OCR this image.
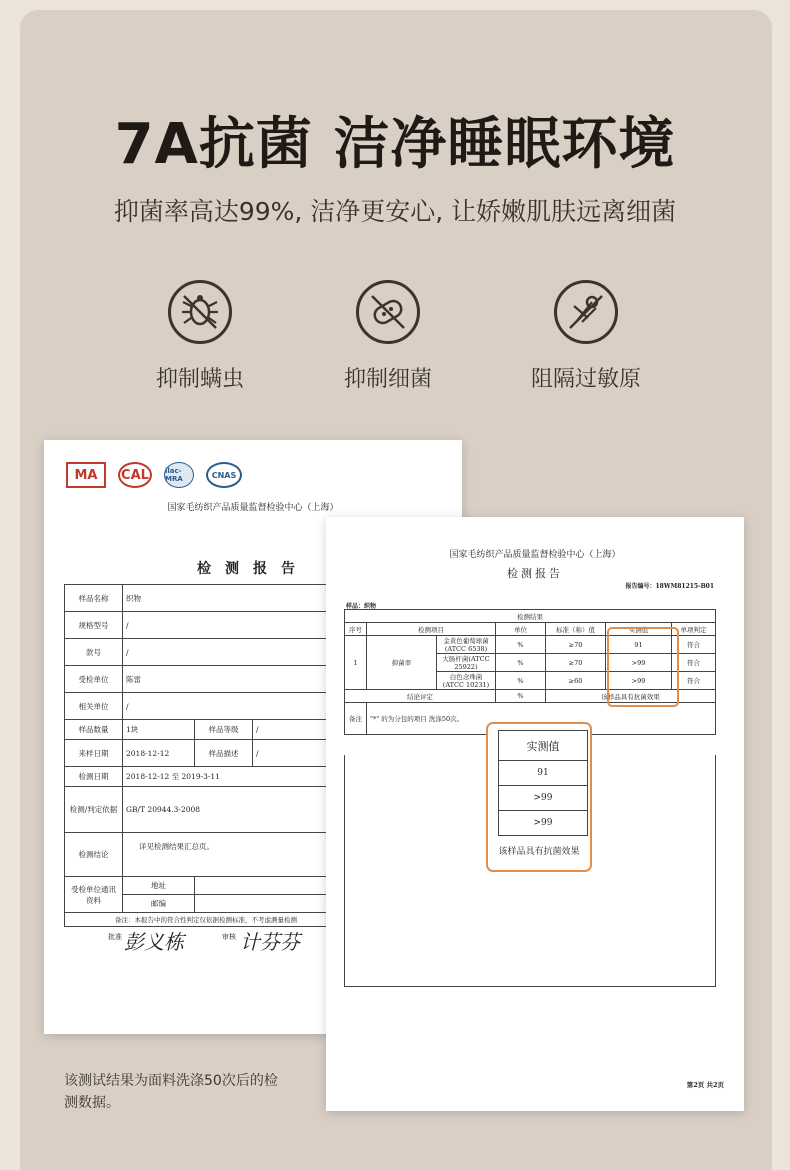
7A抗菌 洁净睡眠环境
抑菌率高达99%, 洁净更安心, 让娇嫩肌肤远离细菌
抑制螨虫	抑制细菌	阻隔过敏原
MA	CAL	ilac-MRA	CNAS
国家毛纺织产品质量监督检验中心（上海）
检测报告
样品名称	织物		
规格型号	/		
款号	/		
受检单位	陈雷		
相关单位	/		
样品数量	1块	样品等级	/
来样日期	2018-12-12	样品描述	/
检测日期	2018-12-12 至 2019-3-11		
检测/判定依据	GB/T 20944.3-2008		
检测结论	详见检测结果汇总页。		
受检单位通讯资料	地址		
	邮编	
备注：本报告中的符合性判定仅依据检测标准，不考虑测量检测			
批准 彭义栋	审核 计芬芬
国家毛纺织产品质量监督检验中心（上海）
检测报告
报告编号：18WM81215-B01
样品：织物
检测结果						
序号	检测项目		单位	标准（称）值	实测值	单项判定
1	抑菌率	金黄色葡萄球菌(ATCC 6538)	%	≥70	91	符合
		大肠杆菌(ATCC 25922)	%	≥70	>99	符合
		白色念珠菌(ATCC 10231)	%	≥60	>99	符合
结论评定			%	该样品具有抗菌效果		
备注	"*" 的为分包的项目 洗涤50次。					
第2页 共2页
实测值
91
>99
>99
该样品具有抗菌效果
该测试结果为面料洗涤50次后的检测数据。
